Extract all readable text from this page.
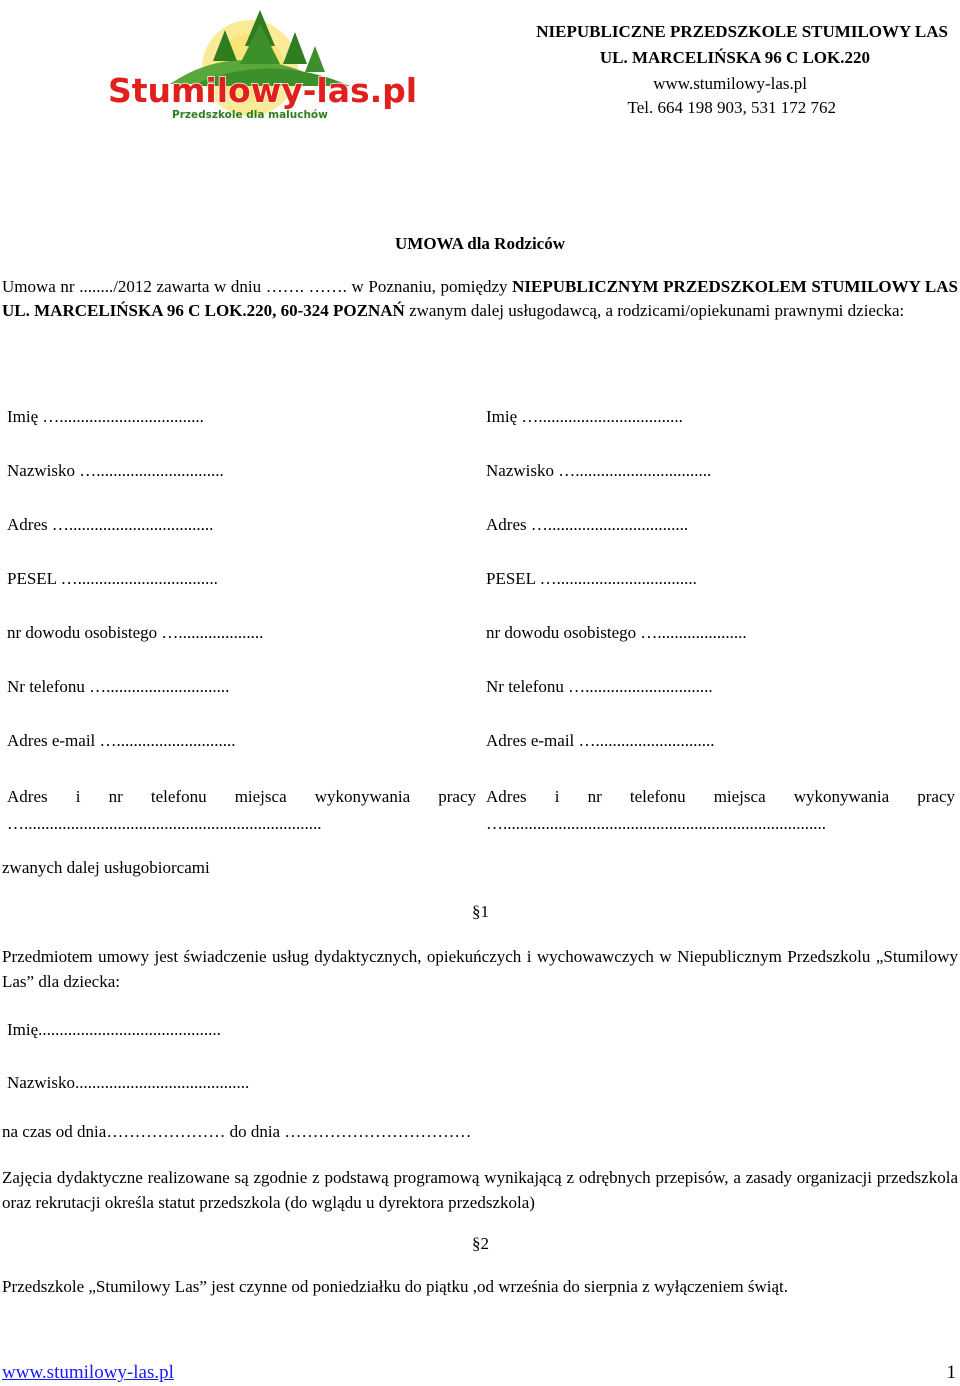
Stumilowy-las.pl
Przedszkole dla maluchów
NIEPUBLICZNE PRZEDSZKOLE STUMILOWY LAS
UL. MARCELIŃSKA 96 C LOK.220
www.stumilowy-las.pl
Tel. 664 198 903, 531 172 762
UMOWA dla Rodziców
Umowa nr ......../2012 zawarta w dniu ……. ……. w Poznaniu, pomiędzy NIEPUBLICZNYM PRZEDSZKOLEM STUMILOWY LAS UL. MARCELIŃSKA 96 C LOK.220, 60-324 POZNAŃ zwanym dalej usługodawcą, a rodzicami/opiekunami prawnymi dziecka:
Imię …..................................
Nazwisko …..............................
Adres …..................................
PESEL ….................................
nr dowodu osobistego …....................
Nr telefonu ….............................
Adres e-mail …............................
Imię …..................................
Nazwisko …................................
Adres ….................................
PESEL ….................................
nr dowodu osobistego ….....................
Nr telefonu …..............................
Adres e-mail …............................
Adres i nr telefonu miejsca wykonywania pracy
…......................................................................
Adres i nr telefonu miejsca wykonywania pracy
…............................................................................
zwanych dalej usługobiorcami
§1
Przedmiotem umowy jest świadczenie usług dydaktycznych, opiekuńczych i wychowawczych w Niepublicznym Przedszkolu „Stumilowy Las” dla dziecka:
Imię...........................................
Nazwisko.........................................
na czas od dnia………………… do dnia ……………………………
Zajęcia dydaktyczne realizowane są zgodnie z podstawą programową wynikającą z odrębnych przepisów, a zasady organizacji przedszkola oraz rekrutacji określa statut przedszkola (do wglądu u dyrektora przedszkola)
§2
Przedszkole „Stumilowy Las” jest czynne od poniedziałku do piątku ,od września do sierpnia z wyłączeniem świąt.
www.stumilowy-las.pl	1
